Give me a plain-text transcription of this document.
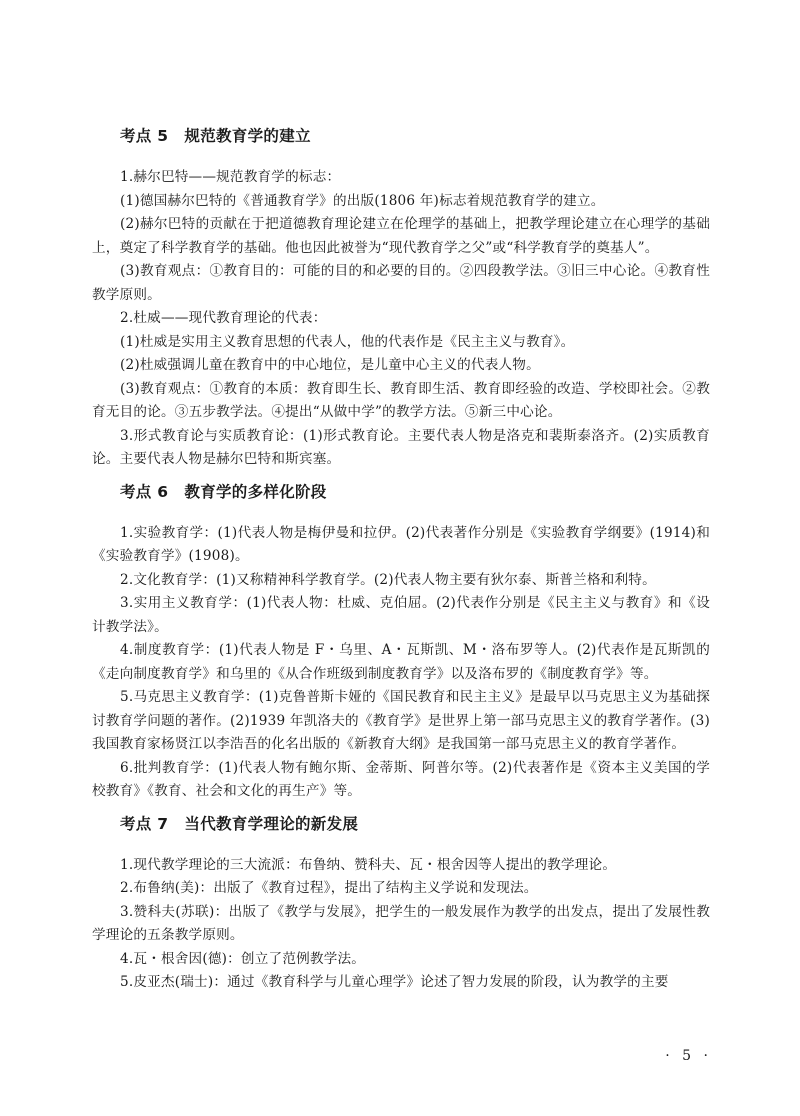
考点 5 规范教育学的建立

1.赫尔巴特——规范教育学的标志：

(1)德国赫尔巴特的《普通教育学》的出版(1806 年)标志着规范教育学的建立。

(2)赫尔巴特的贡献在于把道德教育理论建立在伦理学的基础上，把教学理论建立在心理学的基础上，奠定了科学教育学的基础。他也因此被誉为“现代教育学之父”或“科学教育学的奠基人”。

(3)教育观点：①教育目的：可能的目的和必要的目的。②四段教学法。③旧三中心论。④教育性教学原则。

2.杜威——现代教育理论的代表：

(1)杜威是实用主义教育思想的代表人，他的代表作是《民主主义与教育》。

(2)杜威强调儿童在教育中的中心地位，是儿童中心主义的代表人物。

(3)教育观点：①教育的本质：教育即生长、教育即生活、教育即经验的改造、学校即社会。②教育无目的论。③五步教学法。④提出“从做中学”的教学方法。⑤新三中心论。

3.形式教育论与实质教育论：(1)形式教育论。主要代表人物是洛克和裴斯泰洛齐。(2)实质教育论。主要代表人物是赫尔巴特和斯宾塞。

考点 6 教育学的多样化阶段

1.实验教育学：(1)代表人物是梅伊曼和拉伊。(2)代表著作分别是《实验教育学纲要》(1914)和《实验教育学》(1908)。

2.文化教育学：(1)又称精神科学教育学。(2)代表人物主要有狄尔泰、斯普兰格和利特。

3.实用主义教育学：(1)代表人物：杜威、克伯屈。(2)代表作分别是《民主主义与教育》和《设计教学法》。

4.制度教育学：(1)代表人物是 F・乌里、A・瓦斯凯、M・洛布罗等人。(2)代表作是瓦斯凯的《走向制度教育学》和乌里的《从合作班级到制度教育学》以及洛布罗的《制度教育学》等。

5.马克思主义教育学：(1)克鲁普斯卡娅的《国民教育和民主主义》是最早以马克思主义为基础探讨教育学问题的著作。(2)1939 年凯洛夫的《教育学》是世界上第一部马克思主义的教育学著作。(3)我国教育家杨贤江以李浩吾的化名出版的《新教育大纲》是我国第一部马克思主义的教育学著作。

6.批判教育学：(1)代表人物有鲍尔斯、金蒂斯、阿普尔等。(2)代表著作是《资本主义美国的学校教育》《教育、社会和文化的再生产》等。

考点 7 当代教育学理论的新发展

1.现代教学理论的三大流派：布鲁纳、赞科夫、瓦・根舍因等人提出的教学理论。

2.布鲁纳(美)：出版了《教育过程》，提出了结构主义学说和发现法。

3.赞科夫(苏联)：出版了《教学与发展》，把学生的一般发展作为教学的出发点，提出了发展性教学理论的五条教学原则。

4.瓦・根舍因(德)：创立了范例教学法。

5.皮亚杰(瑞士)：通过《教育科学与儿童心理学》论述了智力发展的阶段，认为教学的主要

· 5 ·
